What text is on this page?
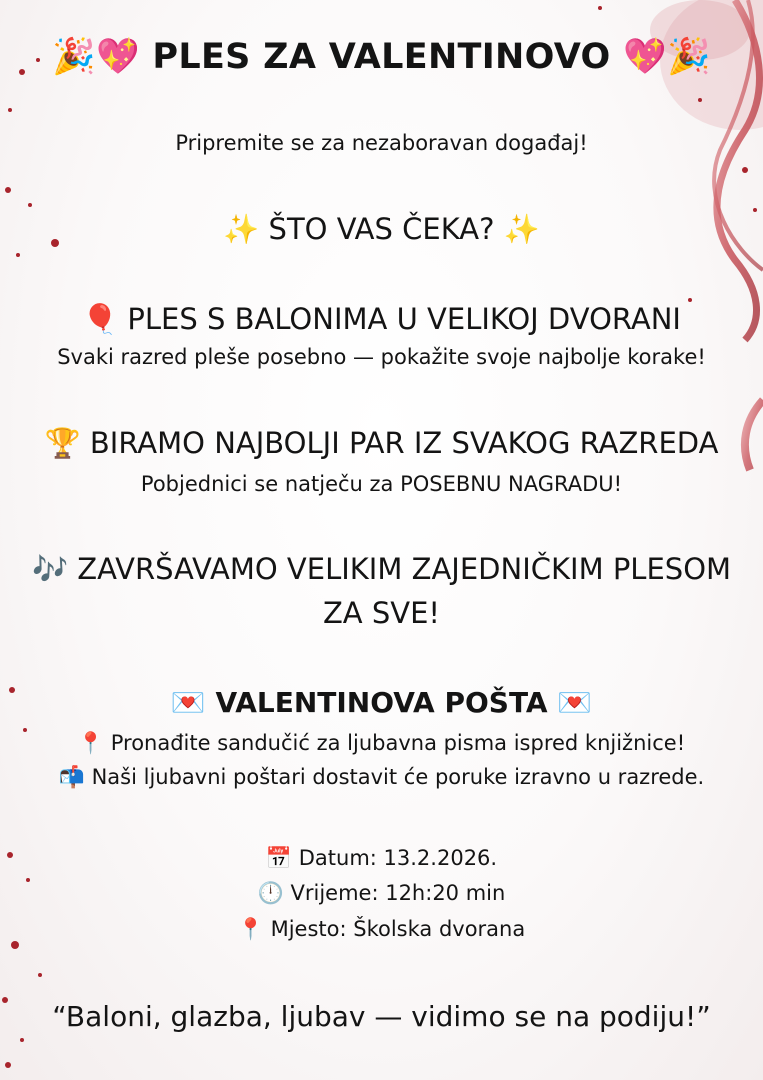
🎉💖 PLES ZA VALENTINOVO 💖🎉
Pripremite se za nezaboravan događaj!
✨ ŠTO VAS ČEKA? ✨
🎈 PLES S BALONIMA U VELIKOJ DVORANI
Svaki razred pleše posebno — pokažite svoje najbolje korake!
🏆 BIRAMO NAJBOLJI PAR IZ SVAKOG RAZREDA
Pobjednici se natječu za POSEBNU NAGRADU!
🎶 ZAVRŠAVAMO VELIKIM ZAJEDNIČKIM PLESOM
ZA SVE!
💌 VALENTINOVA POŠTA 💌
📍 Pronađite sandučić za ljubavna pisma ispred knjižnice!
📬 Naši ljubavni poštari dostavit će poruke izravno u razrede.
📅 Datum: 13.2.2026.
🕛 Vrijeme: 12h:20 min
📍 Mjesto: Školska dvorana
“Baloni, glazba, ljubav — vidimo se na podiju!”
